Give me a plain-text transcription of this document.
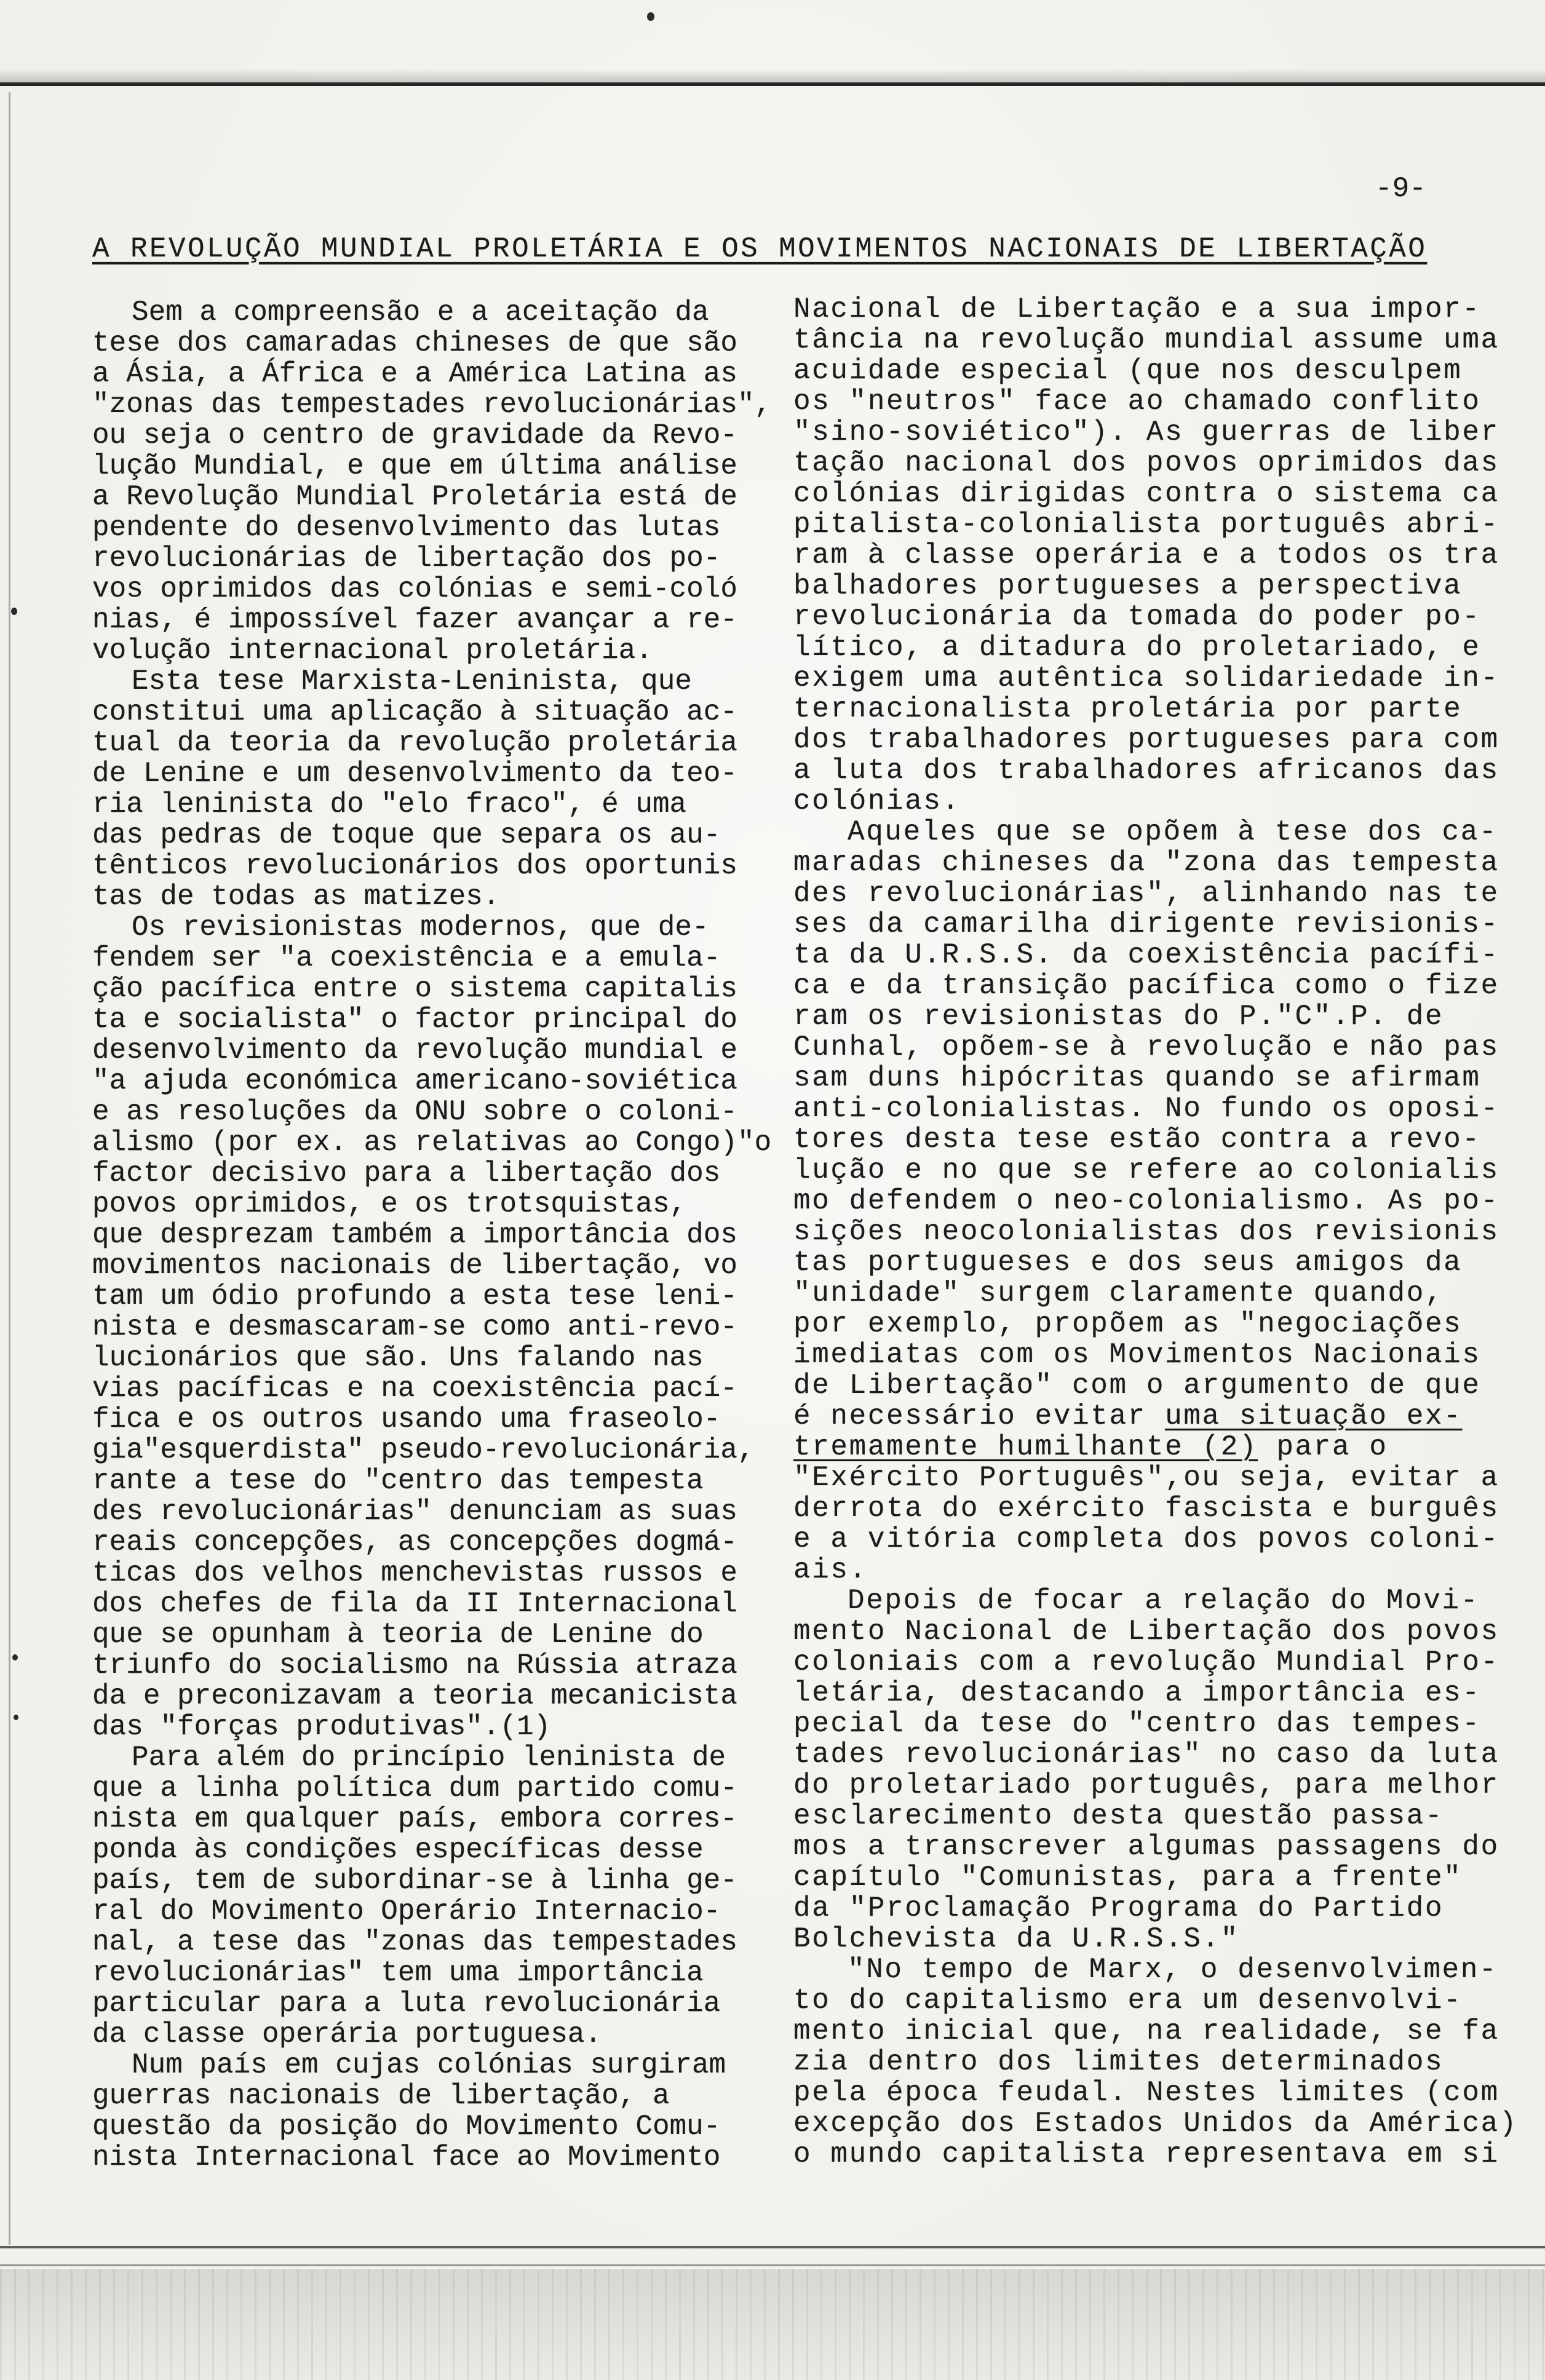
-9-
A REVOLUÇÃO MUNDIAL PROLETÁRIA E OS MOVIMENTOS NACIONAIS DE LIBERTAÇÃO
Sem a compreensão e a aceitação da
tese dos camaradas chineses de que são
a Ásia, a África e a América Latina as
"zonas das tempestades revolucionárias",
ou seja o centro de gravidade da Revo-
lução Mundial, e que em última análise
a Revolução Mundial Proletária está de
pendente do desenvolvimento das lutas
revolucionárias de libertação dos po-
vos oprimidos das colónias e semi-coló
nias, é impossível fazer avançar a re-
volução internacional proletária.
Esta tese Marxista-Leninista, que
constitui uma aplicação à situação ac-
tual da teoria da revolução proletária
de Lenine e um desenvolvimento da teo-
ria leninista do "elo fraco", é uma
das pedras de toque que separa os au-
tênticos revolucionários dos oportunis
tas de todas as matizes.
Os revisionistas modernos, que de-
fendem ser "a coexistência e a emula-
ção pacífica entre o sistema capitalis
ta e socialista" o factor principal do
desenvolvimento da revolução mundial e
"a ajuda económica americano-soviética
e as resoluções da ONU sobre o coloni-
alismo (por ex. as relativas ao Congo)"o
factor decisivo para a libertação dos
povos oprimidos, e os trotsquistas,
que desprezam também a importância dos
movimentos nacionais de libertação, vo
tam um ódio profundo a esta tese leni-
nista e desmascaram-se como anti-revo-
lucionários que são. Uns falando nas
vias pacíficas e na coexistência pací-
fica e os outros usando uma fraseolo-
gia"esquerdista" pseudo-revolucionária,
rante a tese do "centro das tempesta
des revolucionárias" denunciam as suas
reais concepções, as concepções dogmá-
ticas dos velhos menchevistas russos e
dos chefes de fila da II Internacional
que se opunham à teoria de Lenine do
triunfo do socialismo na Rússia atraza
da e preconizavam a teoria mecanicista
das "forças produtivas".(1)
Para além do princípio leninista de
que a linha política dum partido comu-
nista em qualquer país, embora corres-
ponda às condições específicas desse
país, tem de subordinar-se à linha ge-
ral do Movimento Operário Internacio-
nal, a tese das "zonas das tempestades
revolucionárias" tem uma importância
particular para a luta revolucionária
da classe operária portuguesa.
Num país em cujas colónias surgiram
guerras nacionais de libertação, a
questão da posição do Movimento Comu-
nista Internacional face ao Movimento
Nacional de Libertação e a sua impor-
tância na revolução mundial assume uma
acuidade especial (que nos desculpem
os "neutros" face ao chamado conflito
"sino-soviético"). As guerras de liber
tação nacional dos povos oprimidos das
colónias dirigidas contra o sistema ca
pitalista-colonialista português abri-
ram à classe operária e a todos os tra
balhadores portugueses a perspectiva
revolucionária da tomada do poder po-
lítico, a ditadura do proletariado, e
exigem uma autêntica solidariedade in-
ternacionalista proletária por parte
dos trabalhadores portugueses para com
a luta dos trabalhadores africanos das
colónias.
Aqueles que se opõem à tese dos ca-
maradas chineses da "zona das tempesta
des revolucionárias", alinhando nas te
ses da camarilha dirigente revisionis-
ta da U.R.S.S. da coexistência pacífi-
ca e da transição pacífica como o fize
ram os revisionistas do P."C".P. de
Cunhal, opõem-se à revolução e não pas
sam duns hipócritas quando se afirmam
anti-colonialistas. No fundo os oposi-
tores desta tese estão contra a revo-
lução e no que se refere ao colonialis
mo defendem o neo-colonialismo. As po-
sições neocolonialistas dos revisionis
tas portugueses e dos seus amigos da
"unidade" surgem claramente quando,
por exemplo, propõem as "negociações
imediatas com os Movimentos Nacionais
de Libertação" com o argumento de que
é necessário evitar uma situação ex-
tremamente humilhante (2) para o
"Exército Português",ou seja, evitar a
derrota do exército fascista e burguês
e a vitória completa dos povos coloni-
ais.
Depois de focar a relação do Movi-
mento Nacional de Libertação dos povos
coloniais com a revolução Mundial Pro-
letária, destacando a importância es-
pecial da tese do "centro das tempes-
tades revolucionárias" no caso da luta
do proletariado português, para melhor
esclarecimento desta questão passa-
mos a transcrever algumas passagens do
capítulo "Comunistas, para a frente"
da "Proclamação Programa do Partido
Bolchevista da U.R.S.S."
"No tempo de Marx, o desenvolvimen-
to do capitalismo era um desenvolvi-
mento inicial que, na realidade, se fa
zia dentro dos limites determinados
pela época feudal. Nestes limites (com
excepção dos Estados Unidos da América)
o mundo capitalista representava em si
